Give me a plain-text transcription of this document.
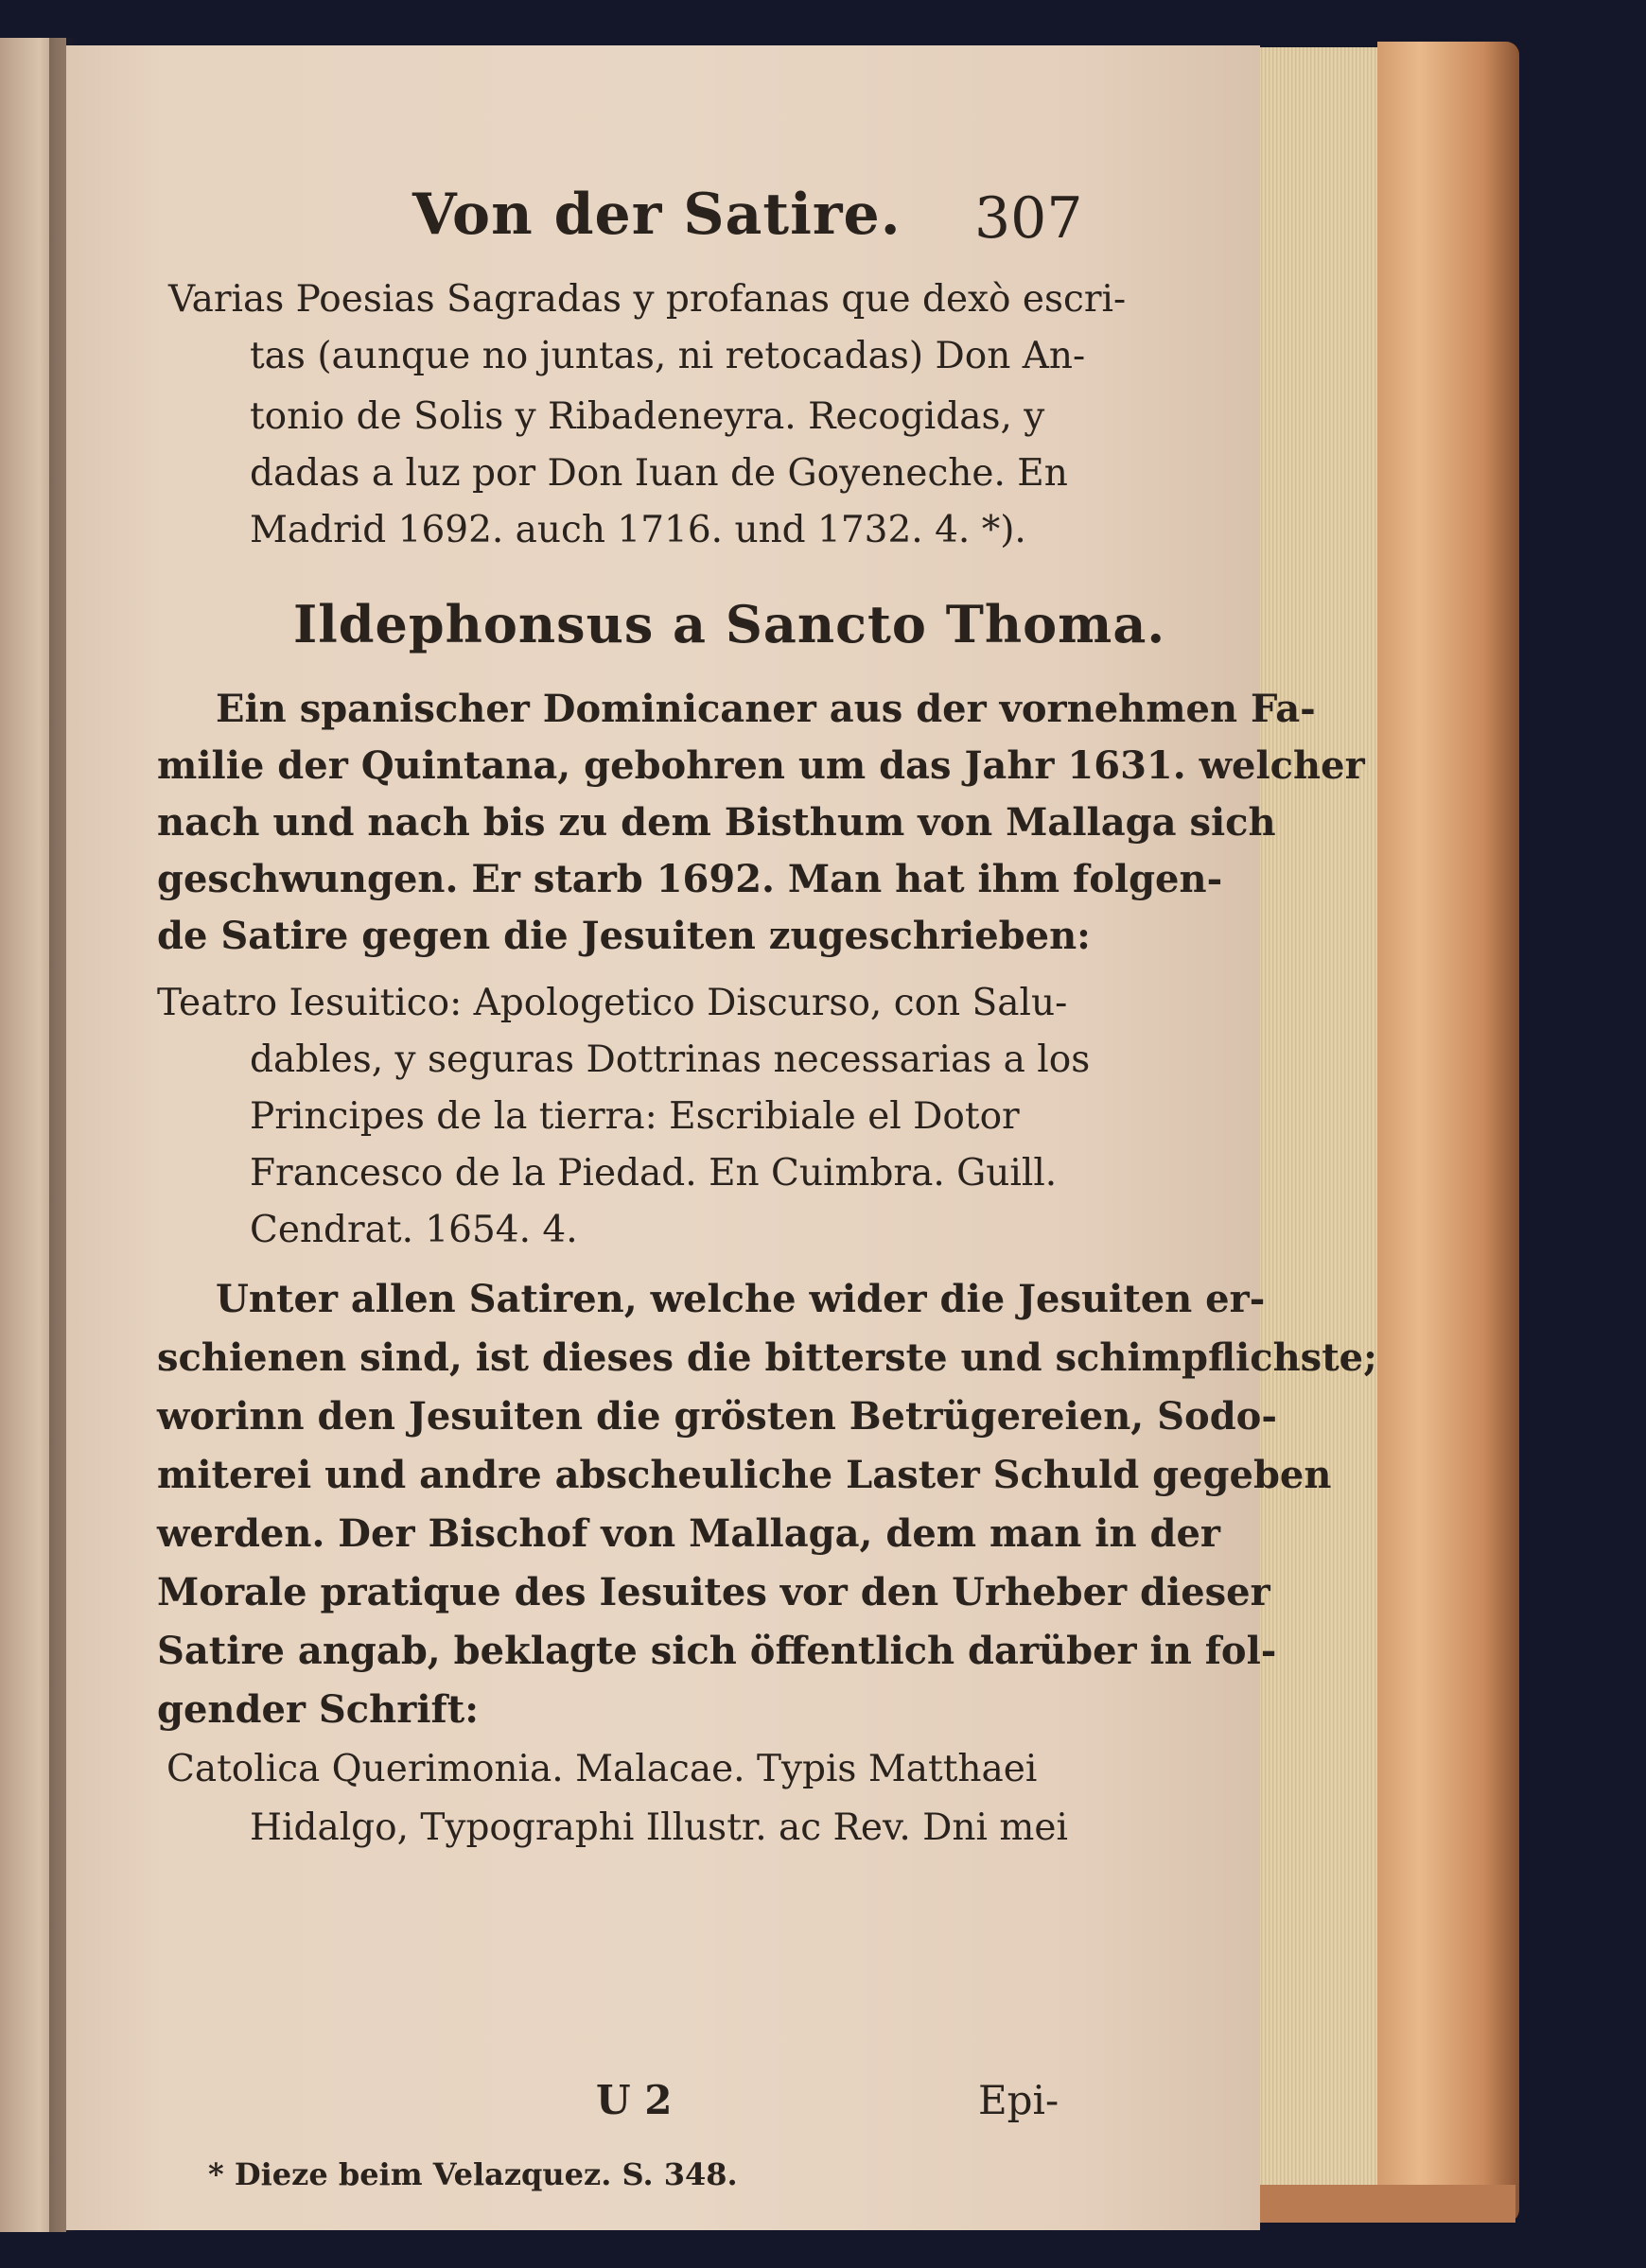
Von der Satire. 307
Varias Poesias Sagradas y profanas que dexò escri-
tas (aunque no juntas, ni retocadas) Don An-
tonio de Solis y Ribadeneyra. Recogidas, y
dadas a luz por Don Iuan de Goyeneche. En
Madrid 1692. auch 1716. und 1732. 4. *).
Ildephonsus a Sancto Thoma.
Ein spanischer Dominicaner aus der vornehmen Fa-
milie der Quintana, gebohren um das Jahr 1631. welcher
nach und nach bis zu dem Bisthum von Mallaga sich
geschwungen. Er starb 1692. Man hat ihm folgen-
de Satire gegen die Jesuiten zugeschrieben:
Teatro Iesuitico: Apologetico Discurso, con Salu-
dables, y seguras Dottrinas necessarias a los
Principes de la tierra: Escribiale el Dotor
Francesco de la Piedad. En Cuimbra. Guill.
Cendrat. 1654. 4.
Unter allen Satiren, welche wider die Jesuiten er-
schienen sind, ist dieses die bitterste und schimpflichste;
worinn den Jesuiten die grösten Betrügereien, Sodo-
miterei und andre abscheuliche Laster Schuld gegeben
werden. Der Bischof von Mallaga, dem man in der
Morale pratique des Iesuites vor den Urheber dieser
Satire angab, beklagte sich öffentlich darüber in fol-
gender Schrift:
Catolica Querimonia. Malacae. Typis Matthaei
Hidalgo, Typographi Illustr. ac Rev. Dni mei
U 2	Epi-
* Dieze beim Velazquez. S. 348.
